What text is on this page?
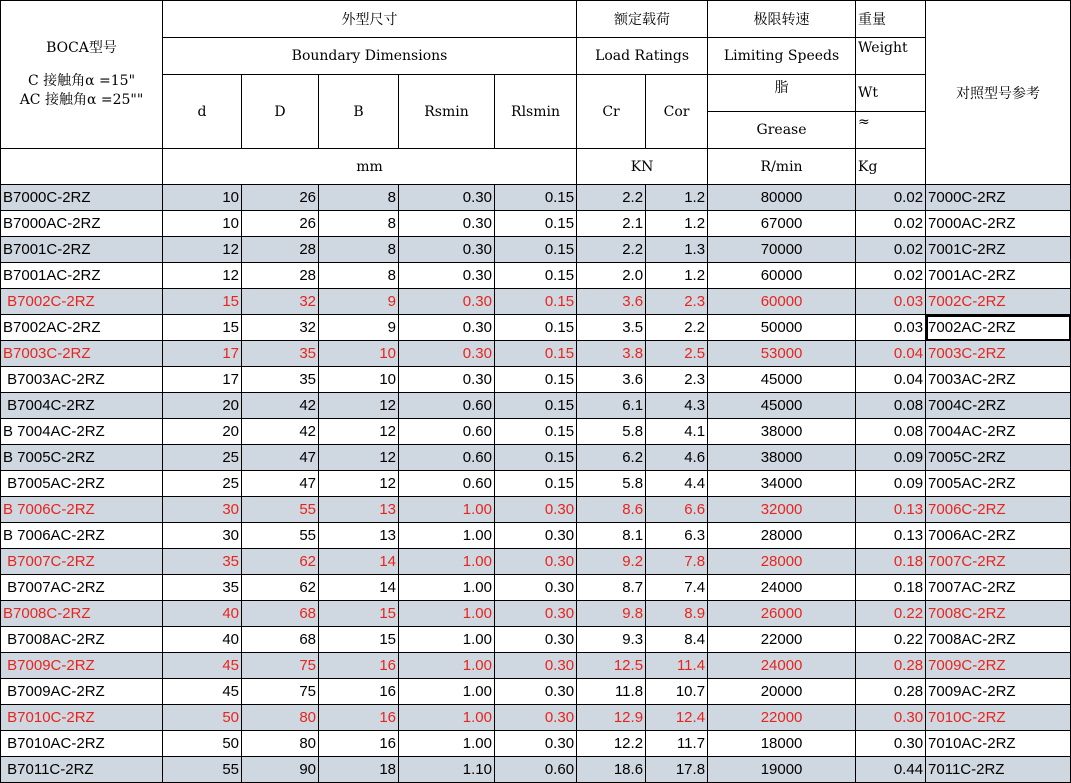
BOCA型号
C 接触角α =15"
AC 接触角α =25""	外型尺寸					额定载荷		极限转速	重量	对照型号参考
	Boundary Dimensions					Load Ratings		Limiting Speeds	Weight	
	d	D	B	Rsmin	Rlsmin	Cr	Cor	脂	Wt	
								Grease	≈	
	mm					KN		R/min	Kg	
B7000C-2RZ	10	26	8	0.30	0.15	2.2	1.2	80000	0.02	7000C-2RZ
B7000AC-2RZ	10	26	8	0.30	0.15	2.1	1.2	67000	0.02	7000AC-2RZ
B7001C-2RZ	12	28	8	0.30	0.15	2.2	1.3	70000	0.02	7001C-2RZ
B7001AC-2RZ	12	28	8	0.30	0.15	2.0	1.2	60000	0.02	7001AC-2RZ
B7002C-2RZ	15	32	9	0.30	0.15	3.6	2.3	60000	0.03	7002C-2RZ
B7002AC-2RZ	15	32	9	0.30	0.15	3.5	2.2	50000	0.03	7002AC-2RZ
B7003C-2RZ	17	35	10	0.30	0.15	3.8	2.5	53000	0.04	7003C-2RZ
B7003AC-2RZ	17	35	10	0.30	0.15	3.6	2.3	45000	0.04	7003AC-2RZ
B7004C-2RZ	20	42	12	0.60	0.15	6.1	4.3	45000	0.08	7004C-2RZ
B 7004AC-2RZ	20	42	12	0.60	0.15	5.8	4.1	38000	0.08	7004AC-2RZ
B 7005C-2RZ	25	47	12	0.60	0.15	6.2	4.6	38000	0.09	7005C-2RZ
B7005AC-2RZ	25	47	12	0.60	0.15	5.8	4.4	34000	0.09	7005AC-2RZ
B 7006C-2RZ	30	55	13	1.00	0.30	8.6	6.6	32000	0.13	7006C-2RZ
B 7006AC-2RZ	30	55	13	1.00	0.30	8.1	6.3	28000	0.13	7006AC-2RZ
B7007C-2RZ	35	62	14	1.00	0.30	9.2	7.8	28000	0.18	7007C-2RZ
B7007AC-2RZ	35	62	14	1.00	0.30	8.7	7.4	24000	0.18	7007AC-2RZ
B7008C-2RZ	40	68	15	1.00	0.30	9.8	8.9	26000	0.22	7008C-2RZ
B7008AC-2RZ	40	68	15	1.00	0.30	9.3	8.4	22000	0.22	7008AC-2RZ
B7009C-2RZ	45	75	16	1.00	0.30	12.5	11.4	24000	0.28	7009C-2RZ
B7009AC-2RZ	45	75	16	1.00	0.30	11.8	10.7	20000	0.28	7009AC-2RZ
B7010C-2RZ	50	80	16	1.00	0.30	12.9	12.4	22000	0.30	7010C-2RZ
B7010AC-2RZ	50	80	16	1.00	0.30	12.2	11.7	18000	0.30	7010AC-2RZ
B7011C-2RZ	55	90	18	1.10	0.60	18.6	17.8	19000	0.44	7011C-2RZ
